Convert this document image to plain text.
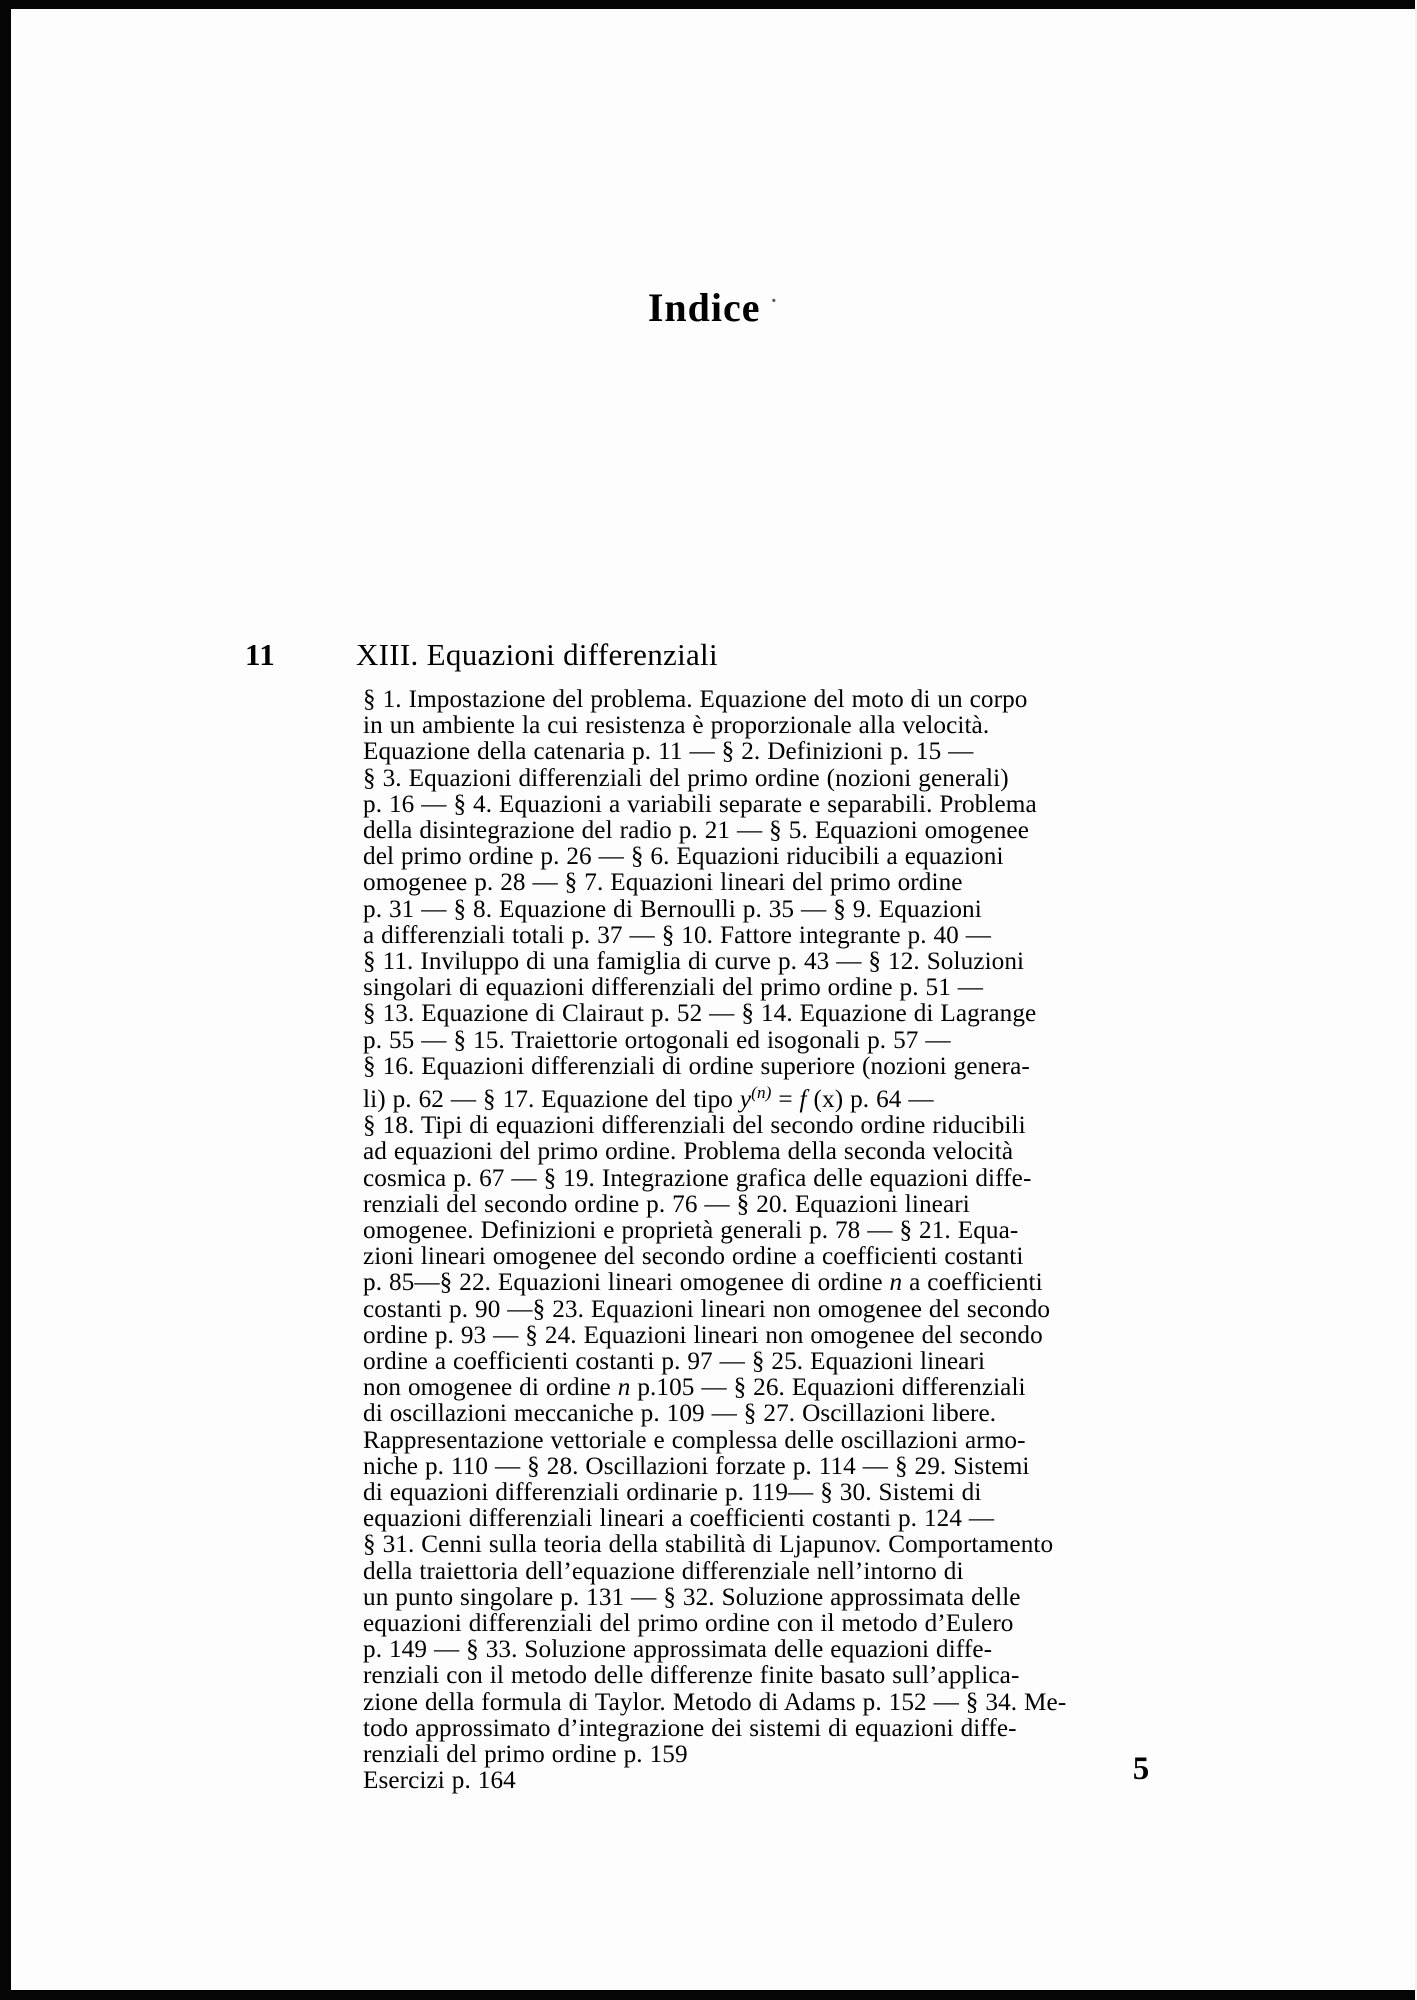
Indice ·
11	XIII. Equazioni differenziali
§ 1. Impostazione del problema. Equazione del moto di un corpo
in un ambiente la cui resistenza è proporzionale alla velocità.
Equazione della catenaria p. 11 — § 2. Definizioni p. 15 —
§ 3. Equazioni differenziali del primo ordine (nozioni generali)
p. 16 — § 4. Equazioni a variabili separate e separabili. Problema
della disintegrazione del radio p. 21 — § 5. Equazioni omogenee
del primo ordine p. 26 — § 6. Equazioni riducibili a equazioni
omogenee p. 28 — § 7. Equazioni lineari del primo ordine
p. 31 — § 8. Equazione di Bernoulli p. 35 — § 9. Equazioni
a differenziali totali p. 37 — § 10. Fattore integrante p. 40 —
§ 11. Inviluppo di una famiglia di curve p. 43 — § 12. Soluzioni
singolari di equazioni differenziali del primo ordine p. 51 —
§ 13. Equazione di Clairaut p. 52 — § 14. Equazione di Lagrange
p. 55 — § 15. Traiettorie ortogonali ed isogonali p. 57 —
§ 16. Equazioni differenziali di ordine superiore (nozioni genera-
li) p. 62 — § 17. Equazione del tipo $y^{(n)} = f$ (x) p. 64 —
§ 18. Tipi di equazioni differenziali del secondo ordine riducibili
ad equazioni del primo ordine. Problema della seconda velocità
cosmica p. 67 — § 19. Integrazione grafica delle equazioni diffe-
renziali del secondo ordine p. 76 — § 20. Equazioni lineari
omogenee. Definizioni e proprietà generali p. 78 — § 21. Equa-
zioni lineari omogenee del secondo ordine a coefficienti costanti
p. 85—§ 22. Equazioni lineari omogenee di ordine n a coefficienti
costanti p. 90 —§ 23. Equazioni lineari non omogenee del secondo
ordine p. 93 — § 24. Equazioni lineari non omogenee del secondo
ordine a coefficienti costanti p. 97 — § 25. Equazioni lineari
non omogenee di ordine n p.105 — § 26. Equazioni differenziali
di oscillazioni meccaniche p. 109 — § 27. Oscillazioni libere.
Rappresentazione vettoriale e complessa delle oscillazioni armo-
niche p. 110 — § 28. Oscillazioni forzate p. 114 — § 29. Sistemi
di equazioni differenziali ordinarie p. 119— § 30. Sistemi di
equazioni differenziali lineari a coefficienti costanti p. 124 —
§ 31. Cenni sulla teoria della stabilità di Ljapunov. Comportamento
della traiettoria dell’equazione differenziale nell’intorno di
un punto singolare p. 131 — § 32. Soluzione approssimata delle
equazioni differenziali del primo ordine con il metodo d’Eulero
p. 149 — § 33. Soluzione approssimata delle equazioni diffe-
renziali con il metodo delle differenze finite basato sull’applica-
zione della formula di Taylor. Metodo di Adams p. 152 — § 34. Me-
todo approssimato d’integrazione dei sistemi di equazioni diffe-
renziali del primo ordine p. 159
Esercizi p. 164	5
